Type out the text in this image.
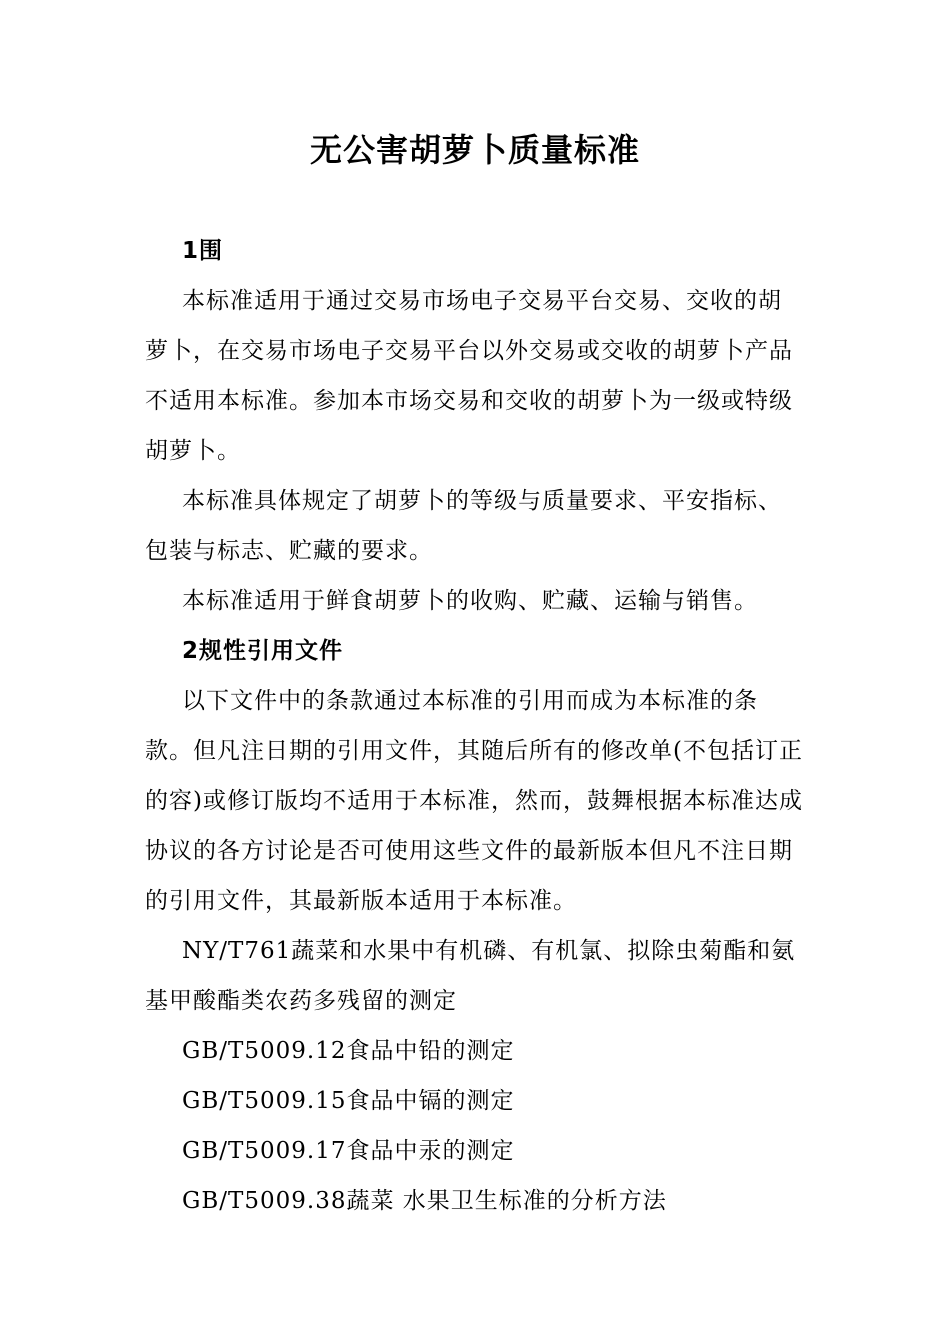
无公害胡萝卜质量标准

1围

本标准适用于通过交易市场电子交易平台交易、交收的胡萝卜，在交易市场电子交易平台以外交易或交收的胡萝卜产品不适用本标准。参加本市场交易和交收的胡萝卜为一级或特级胡萝卜。

本标准具体规定了胡萝卜的等级与质量要求、平安指标、包装与标志、贮藏的要求。

本标准适用于鲜食胡萝卜的收购、贮藏、运输与销售。

2规性引用文件

以下文件中的条款通过本标准的引用而成为本标准的条款。但凡注日期的引用文件，其随后所有的修改单(不包括订正的容)或修订版均不适用于本标准，然而，鼓舞根据本标准达成协议的各方讨论是否可使用这些文件的最新版本但凡不注日期的引用文件，其最新版本适用于本标准。

NY/T761蔬菜和水果中有机磷、有机氯、拟除虫菊酯和氨基甲酸酯类农药多残留的测定

GB/T5009.12食品中铅的测定

GB/T5009.15食品中镉的测定

GB/T5009.17食品中汞的测定

GB/T5009.38蔬菜 水果卫生标准的分析方法
